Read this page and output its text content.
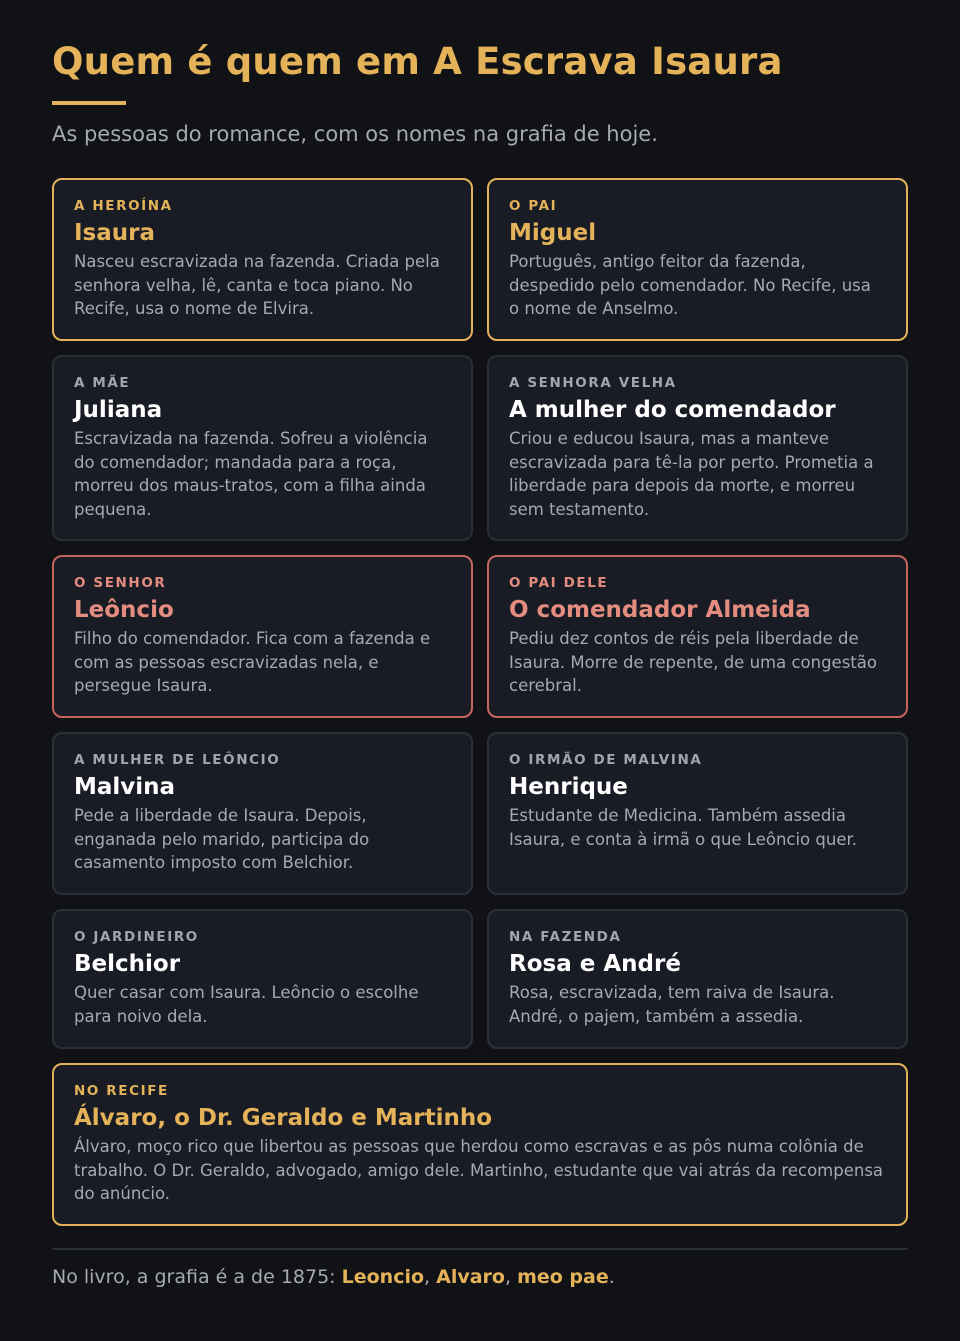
Quem é quem em A Escrava Isaura

As pessoas do romance, com os nomes na grafia de hoje.

A HEROÍNA
Isaura
Nasceu escravizada na fazenda. Criada pela senhora velha, lê, canta e toca piano. No Recife, usa o nome de Elvira.
O PAI
Miguel
Português, antigo feitor da fazenda, despedido pelo comendador. No Recife, usa o nome de Anselmo.
A MÃE
Juliana
Escravizada na fazenda. Sofreu a violência do comendador; mandada para a roça, morreu dos maus-tratos, com a filha ainda pequena.
A SENHORA VELHA
A mulher do comendador
Criou e educou Isaura, mas a manteve escravizada para tê-la por perto. Prometia a liberdade para depois da morte, e morreu sem testamento.
O SENHOR
Leôncio
Filho do comendador. Fica com a fazenda e com as pessoas escravizadas nela, e persegue Isaura.
O PAI DELE
O comendador Almeida
Pediu dez contos de réis pela liberdade de Isaura. Morre de repente, de uma congestão cerebral.
A MULHER DE LEÔNCIO
Malvina
Pede a liberdade de Isaura. Depois, enganada pelo marido, participa do casamento imposto com Belchior.
O IRMÃO DE MALVINA
Henrique
Estudante de Medicina. Também assedia Isaura, e conta à irmã o que Leôncio quer.
O JARDINEIRO
Belchior
Quer casar com Isaura. Leôncio o escolhe para noivo dela.
NA FAZENDA
Rosa e André
Rosa, escravizada, tem raiva de Isaura. André, o pajem, também a assedia.
NO RECIFE
Álvaro, o Dr. Geraldo e Martinho
Álvaro, moço rico que libertou as pessoas que herdou como escravas e as pôs numa colônia de trabalho. O Dr. Geraldo, advogado, amigo dele. Martinho, estudante que vai atrás da recompensa do anúncio.

No livro, a grafia é a de 1875: Leoncio, Alvaro, meo pae.
